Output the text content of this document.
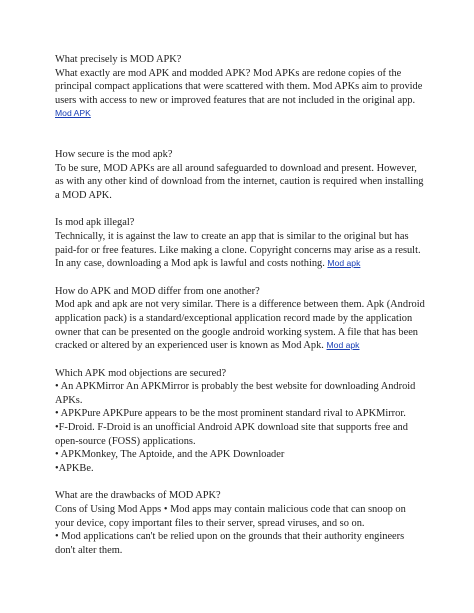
What precisely is MOD APK?

What exactly are mod APK and modded APK? Mod APKs are redone copies of the principal compact applications that were scattered with them. Mod APKs aim to provide users with access to new or improved features that are not included in the original app. Mod APK

How secure is the mod apk?

To be sure, MOD APKs are all around safeguarded to download and present. However, as with any other kind of download from the internet, caution is required when installing a MOD APK.

Is mod apk illegal?

Technically, it is against the law to create an app that is similar to the original but has paid-for or free features. Like making a clone. Copyright concerns may arise as a result. In any case, downloading a Mod apk is lawful and costs nothing. Mod apk

How do APK and MOD differ from one another?

Mod apk and apk are not very similar. There is a difference between them. Apk (Android application pack) is a standard/exceptional application record made by the application owner that can be presented on the google android working system. A file that has been cracked or altered by an experienced user is known as Mod Apk. Mod apk

Which APK mod objections are secured?

• An APKMirror An APKMirror is probably the best website for downloading Android APKs.

• APKPure APKPure appears to be the most prominent standard rival to APKMirror.

•F-Droid. F-Droid is an unofficial Android APK download site that supports free and open-source (FOSS) applications.

• APKMonkey, The Aptoide, and the APK Downloader

•APKBe.

What are the drawbacks of MOD APK?

Cons of Using Mod Apps • Mod apps may contain malicious code that can snoop on your device, copy important files to their server, spread viruses, and so on.

• Mod applications can't be relied upon on the grounds that their authority engineers don't alter them.
